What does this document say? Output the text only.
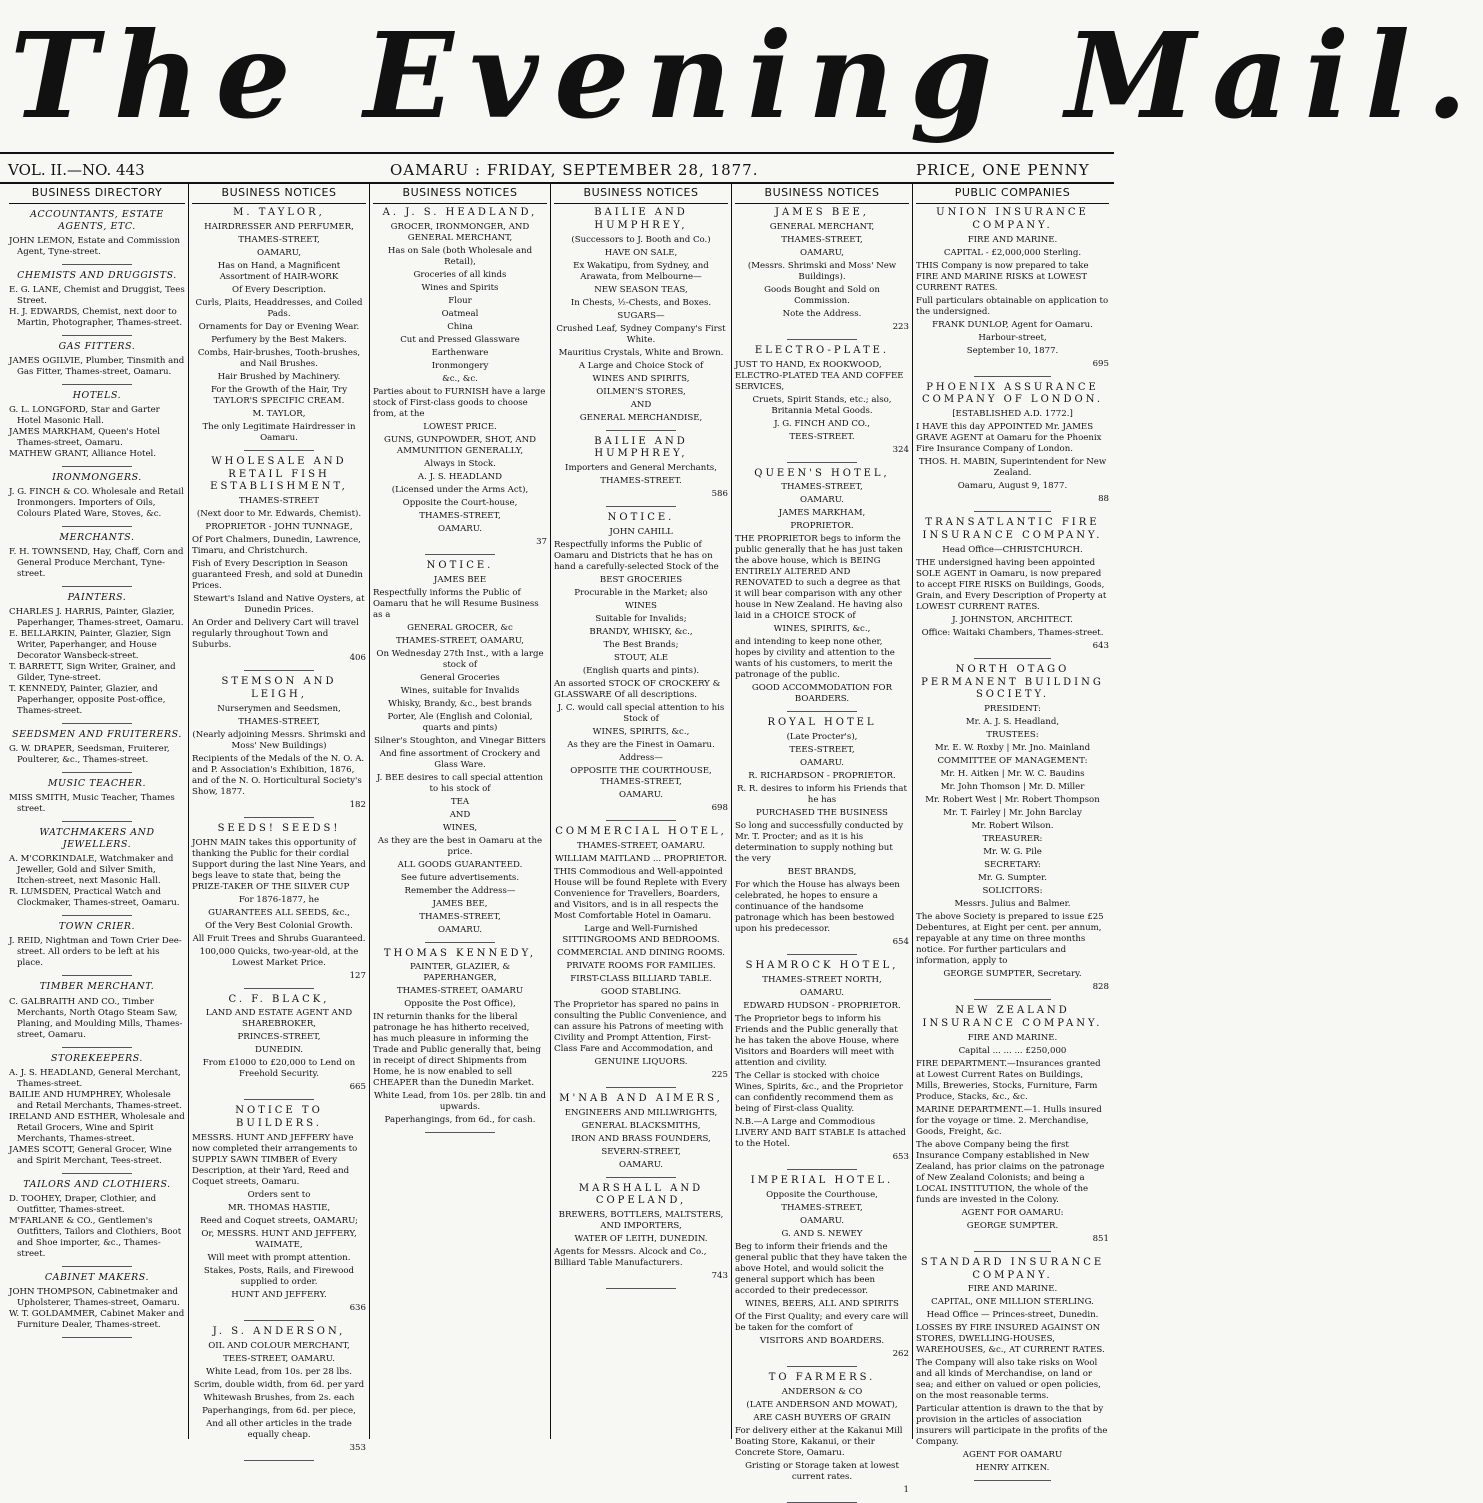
The Evening Mail.
VOL. II.—NO. 443	OAMARU : FRIDAY, SEPTEMBER 28, 1877.	PRICE, ONE PENNY
BUSINESS DIRECTORY
ACCOUNTANTS, ESTATE AGENTS, ETC.

JOHN LEMON, Estate and Commission Agent, Tyne-street.

CHEMISTS AND DRUGGISTS.

E. G. LANE, Chemist and Druggist, Tees Street.

H. J. EDWARDS, Chemist, next door to Martin, Photographer, Thames-street.

GAS FITTERS.

JAMES OGILVIE, Plumber, Tinsmith and Gas Fitter, Thames-street, Oamaru.

HOTELS.

G. L. LONGFORD, Star and Garter Hotel Masonic Hall.

JAMES MARKHAM, Queen's Hotel Thames-street, Oamaru.

MATHEW GRANT, Alliance Hotel.

IRONMONGERS.

J. G. FINCH & CO. Wholesale and Retail Ironmongers. Importers of Oils, Colours Plated Ware, Stoves, &c.

MERCHANTS.

F. H. TOWNSEND, Hay, Chaff, Corn and General Produce Merchant, Tyne-street.

PAINTERS.

CHARLES J. HARRIS, Painter, Glazier, Paperhanger, Thames-street, Oamaru.

E. BELLARKIN, Painter, Glazier, Sign Writer, Paperhanger, and House Decorator Wansbeck-street.

T. BARRETT, Sign Writer, Grainer, and Gilder, Tyne-street.

T. KENNEDY, Painter, Glazier, and Paperhanger, opposite Post-office, Thames-street.

SEEDSMEN AND FRUITERERS.

G. W. DRAPER, Seedsman, Fruiterer, Poulterer, &c., Thames-street.

MUSIC TEACHER.

MISS SMITH, Music Teacher, Thames street.

WATCHMAKERS AND JEWELLERS.

A. M'CORKINDALE, Watchmaker and Jeweller, Gold and Silver Smith, Itchen-street, next Masonic Hall.

R. LUMSDEN, Practical Watch and Clockmaker, Thames-street, Oamaru.

TOWN CRIER.

J. REID, Nightman and Town Crier Dee-street. All orders to be left at his place.

TIMBER MERCHANT.

C. GALBRAITH AND CO., Timber Merchants, North Otago Steam Saw, Planing, and Moulding Mills, Thames-street, Oamaru.

STOREKEEPERS.

A. J. S. HEADLAND, General Merchant, Thames-street.

BAILIE AND HUMPHREY, Wholesale and Retail Merchants, Thames-street.

IRELAND AND ESTHER, Wholesale and Retail Grocers, Wine and Spirit Merchants, Thames-street.

JAMES SCOTT, General Grocer, Wine and Spirit Merchant, Tees-street.

TAILORS AND CLOTHIERS.

D. TOOHEY, Draper, Clothier, and Outfitter, Thames-street.

M'FARLANE & CO., Gentlemen's Outfitters, Tailors and Clothiers, Boot and Shoe importer, &c., Thames-street.

CABINET MAKERS.

JOHN THOMPSON, Cabinetmaker and Upholsterer, Thames-street, Oamaru.

W. T. GOLDAMMER, Cabinet Maker and Furniture Dealer, Thames-street.

BUSINESS NOTICES
M. TAYLOR,

HAIRDRESSER AND PERFUMER,

THAMES-STREET,

OAMARU,

Has on Hand, a Magnificent Assortment of HAIR-WORK

Of Every Description.

Curls, Plaits, Headdresses, and Coiled Pads.

Ornaments for Day or Evening Wear.

Perfumery by the Best Makers.

Combs, Hair-brushes, Tooth-brushes, and Nail Brushes.

Hair Brushed by Machinery.

For the Growth of the Hair, Try TAYLOR'S SPECIFIC CREAM.

M. TAYLOR,

The only Legitimate Hairdresser in Oamaru.

WHOLESALE AND RETAIL FISH ESTABLISHMENT,

THAMES-STREET

(Next door to Mr. Edwards, Chemist).

PROPRIETOR - JOHN TUNNAGE,

Of Port Chalmers, Dunedin, Lawrence, Timaru, and Christchurch.

Fish of Every Description in Season guaranteed Fresh, and sold at Dunedin Prices.

Stewart's Island and Native Oysters, at Dunedin Prices.

An Order and Delivery Cart will travel regularly throughout Town and Suburbs.

406
STEMSON AND LEIGH,

Nurserymen and Seedsmen,

THAMES-STREET,

(Nearly adjoining Messrs. Shrimski and Moss' New Buildings)

Recipients of the Medals of the N. O. A. and P. Association's Exhibition, 1876, and of the N. O. Horticultural Society's Show, 1877.

182
SEEDS! SEEDS!

JOHN MAIN takes this opportunity of thanking the Public for their cordial Support during the last Nine Years, and begs leave to state that, being the PRIZE-TAKER OF THE SILVER CUP

For 1876-1877, he

GUARANTEES ALL SEEDS, &c.,

Of the Very Best Colonial Growth.

All Fruit Trees and Shrubs Guaranteed.

100,000 Quicks, two-year-old, at the Lowest Market Price.

127
C. F. BLACK,

LAND AND ESTATE AGENT AND SHAREBROKER,

PRINCES-STREET,

DUNEDIN.

From £1000 to £20,000 to Lend on Freehold Security.

665
NOTICE TO BUILDERS.

MESSRS. HUNT AND JEFFERY have now completed their arrangements to SUPPLY SAWN TIMBER of Every Description, at their Yard, Reed and Coquet streets, Oamaru.

Orders sent to

MR. THOMAS HASTIE,

Reed and Coquet streets, OAMARU;

Or, MESSRS. HUNT AND JEFFERY, WAIMATE,

Will meet with prompt attention.

Stakes, Posts, Rails, and Firewood supplied to order.

HUNT AND JEFFERY.

636
J. S. ANDERSON,

OIL AND COLOUR MERCHANT,

TEES-STREET, OAMARU.

White Lead, from 10s. per 28 lbs.

Scrim, double width, from 6d. per yard

Whitewash Brushes, from 2s. each

Paperhangings, from 6d. per piece,

And all other articles in the trade equally cheap.

353
BUSINESS NOTICES
A. J. S. HEADLAND,

GROCER, IRONMONGER, AND GENERAL MERCHANT,

Has on Sale (both Wholesale and Retail),

Groceries of all kinds

Wines and Spirits

Flour

Oatmeal

China

Cut and Pressed Glassware

Earthenware

Ironmongery

&c., &c.

Parties about to FURNISH have a large stock of First-class goods to choose from, at the

LOWEST PRICE.

GUNS, GUNPOWDER, SHOT, AND AMMUNITION GENERALLY,

Always in Stock.

A. J. S. HEADLAND

(Licensed under the Arms Act),

Opposite the Court-house,

THAMES-STREET,

OAMARU.

37
NOTICE.

JAMES BEE

Respectfully informs the Public of Oamaru that he will Resume Business as a

GENERAL GROCER, &c

THAMES-STREET, OAMARU,

On Wednesday 27th Inst., with a large stock of

General Groceries

Wines, suitable for Invalids

Whisky, Brandy, &c., best brands

Porter, Ale (English and Colonial, quarts and pints)

Silner's Stoughton, and Vinegar Bitters

And fine assortment of Crockery and Glass Ware.

J. BEE desires to call special attention to his stock of

TEA

AND

WINES,

As they are the best in Oamaru at the price.

ALL GOODS GUARANTEED.

See future advertisements.

Remember the Address—

JAMES BEE,

THAMES-STREET,

OAMARU.

THOMAS KENNEDY,

PAINTER, GLAZIER, & PAPERHANGER,

THAMES-STREET, OAMARU

Opposite the Post Office),

IN returnin thanks for the liberal patronage he has hitherto received, has much pleasure in informing the Trade and Public generally that, being in receipt of direct Shipments from Home, he is now enabled to sell CHEAPER than the Dunedin Market.

White Lead, from 10s. per 28lb. tin and upwards.

Paperhangings, from 6d., for cash.

BUSINESS NOTICES
BAILIE AND HUMPHREY,

(Successors to J. Booth and Co.)

HAVE ON SALE,

Ex Wakatipu, from Sydney, and Arawata, from Melbourne—

NEW SEASON TEAS,

In Chests, ½-Chests, and Boxes.

SUGARS—

Crushed Leaf, Sydney Company's First White.

Mauritius Crystals, White and Brown.

A Large and Choice Stock of

WINES AND SPIRITS,

OILMEN'S STORES,

AND

GENERAL MERCHANDISE,

BAILIE AND HUMPHREY,

Importers and General Merchants,

THAMES-STREET.

586
NOTICE.

JOHN CAHILL

Respectfully informs the Public of Oamaru and Districts that he has on hand a carefully-selected Stock of the

BEST GROCERIES

Procurable in the Market; also

WINES

Suitable for Invalids;

BRANDY, WHISKY, &c.,

The Best Brands;

STOUT, ALE

(English quarts and pints).

An assorted STOCK OF CROCKERY & GLASSWARE Of all descriptions.

J. C. would call special attention to his Stock of

WINES, SPIRITS, &c.,

As they are the Finest in Oamaru.

Address—

OPPOSITE THE COURTHOUSE, THAMES-STREET,

OAMARU.

698
COMMERCIAL HOTEL,

THAMES-STREET, OAMARU.

WILLIAM MAITLAND ... PROPRIETOR.

THIS Commodious and Well-appointed House will be found Replete with Every Convenience for Travellers, Boarders, and Visitors, and is in all respects the Most Comfortable Hotel in Oamaru.

Large and Well-Furnished SITTINGROOMS AND BEDROOMS.

COMMERCIAL AND DINING ROOMS.

PRIVATE ROOMS FOR FAMILIES.

FIRST-CLASS BILLIARD TABLE.

GOOD STABLING.

The Proprietor has spared no pains in consulting the Public Convenience, and can assure his Patrons of meeting with Civility and Prompt Attention, First-Class Fare and Accommodation, and

GENUINE LIQUORS.

225
M'NAB AND AIMERS,

ENGINEERS AND MILLWRIGHTS,

GENERAL BLACKSMITHS,

IRON AND BRASS FOUNDERS,

SEVERN-STREET,

OAMARU.

MARSHALL AND COPELAND,

BREWERS, BOTTLERS, MALTSTERS, AND IMPORTERS,

WATER OF LEITH, DUNEDIN.

Agents for Messrs. Alcock and Co., Billiard Table Manufacturers.

743
BUSINESS NOTICES
JAMES BEE,

GENERAL MERCHANT,

THAMES-STREET,

OAMARU,

(Messrs. Shrimski and Moss' New Buildings).

Goods Bought and Sold on Commission.

Note the Address.

223
ELECTRO-PLATE.

JUST TO HAND, Ex ROOKWOOD, ELECTRO-PLATED TEA AND COFFEE SERVICES,

Cruets, Spirit Stands, etc.; also, Britannia Metal Goods.

J. G. FINCH AND CO.,

TEES-STREET.

324
QUEEN'S HOTEL,

THAMES-STREET,

OAMARU.

JAMES MARKHAM,

PROPRIETOR.

THE PROPRIETOR begs to inform the public generally that he has just taken the above house, which is BEING ENTIRELY ALTERED AND RENOVATED to such a degree as that it will bear comparison with any other house in New Zealand. He having also laid in a CHOICE STOCK of

WINES, SPIRITS, &c.,

and intending to keep none other, hopes by civility and attention to the wants of his customers, to merit the patronage of the public.

GOOD ACCOMMODATION FOR BOARDERS.

ROYAL HOTEL

(Late Procter's),

TEES-STREET,

OAMARU.

R. RICHARDSON - PROPRIETOR.

R. R. desires to inform his Friends that he has

PURCHASED THE BUSINESS

So long and successfully conducted by Mr. T. Procter; and as it is his determination to supply nothing but the very

BEST BRANDS,

For which the House has always been celebrated, he hopes to ensure a continuance of the handsome patronage which has been bestowed upon his predecessor.

654
SHAMROCK HOTEL,

THAMES-STREET NORTH,

OAMARU.

EDWARD HUDSON - PROPRIETOR.

The Proprietor begs to inform his Friends and the Public generally that he has taken the above House, where Visitors and Boarders will meet with attention and civility.

The Cellar is stocked with choice Wines, Spirits, &c., and the Proprietor can confidently recommend them as being of First-class Quality.

N.B.—A Large and Commodious LIVERY AND BAIT STABLE Is attached to the Hotel.

653
IMPERIAL HOTEL.

Opposite the Courthouse,

THAMES-STREET,

OAMARU.

G. AND S. NEWEY

Beg to inform their friends and the general public that they have taken the above Hotel, and would solicit the general support which has been accorded to their predecessor.

WINES, BEERS, ALL AND SPIRITS

Of the First Quality; and every care will be taken for the comfort of

VISITORS AND BOARDERS.

262
TO FARMERS.

ANDERSON & CO

(LATE ANDERSON AND MOWAT),

ARE CASH BUYERS OF GRAIN

For delivery either at the Kakanui Mill Boating Store, Kakanui, or their Concrete Store, Oamaru.

Gristing or Storage taken at lowest current rates.

1
PUBLIC COMPANIES
UNION INSURANCE COMPANY.

FIRE AND MARINE.

CAPITAL - £2,000,000 Sterling.

THIS Company is now prepared to take FIRE AND MARINE RISKS at LOWEST CURRENT RATES.

Full particulars obtainable on application to the undersigned.

FRANK DUNLOP, Agent for Oamaru.

Harbour-street,

September 10, 1877.

695
PHOENIX ASSURANCE COMPANY OF LONDON.

[ESTABLISHED A.D. 1772.]

I HAVE this day APPOINTED Mr. JAMES GRAVE AGENT at Oamaru for the Phoenix Fire Insurance Company of London.

THOS. H. MABIN, Superintendent for New Zealand.

Oamaru, August 9, 1877.

88
TRANSATLANTIC FIRE INSURANCE COMPANY.

Head Office—CHRISTCHURCH.

THE undersigned having been appointed SOLE AGENT in Oamaru, is now prepared to accept FIRE RISKS on Buildings, Goods, Grain, and Every Description of Property at LOWEST CURRENT RATES.

J. JOHNSTON, ARCHITECT.

Office: Waitaki Chambers, Thames-street.

643
NORTH OTAGO PERMANENT BUILDING SOCIETY.

PRESIDENT:

Mr. A. J. S. Headland,

TRUSTEES:

Mr. E. W. Roxby | Mr. Jno. Mainland

COMMITTEE OF MANAGEMENT:

Mr. H. Aitken | Mr. W. C. Baudins

Mr. John Thomson | Mr. D. Miller

Mr. Robert West | Mr. Robert Thompson

Mr. T. Fairley | Mr. John Barclay

Mr. Robert Wilson.

TREASURER:

Mr. W. G. Pile

SECRETARY:

Mr. G. Sumpter.

SOLICITORS:

Messrs. Julius and Balmer.

The above Society is prepared to issue £25 Debentures, at Eight per cent. per annum, repayable at any time on three months notice. For further particulars and information, apply to

GEORGE SUMPTER, Secretary.

828
NEW ZEALAND INSURANCE COMPANY.

FIRE AND MARINE.

Capital ... ... ... £250,000

FIRE DEPARTMENT.—Insurances granted at Lowest Current Rates on Buildings, Mills, Breweries, Stocks, Furniture, Farm Produce, Stacks, &c., &c.

MARINE DEPARTMENT.—1. Hulls insured for the voyage or time. 2. Merchandise, Goods, Freight, &c.

The above Company being the first Insurance Company established in New Zealand, has prior claims on the patronage of New Zealand Colonists; and being a LOCAL INSTITUTION, the whole of the funds are invested in the Colony.

AGENT FOR OAMARU:

GEORGE SUMPTER.

851
STANDARD INSURANCE COMPANY.

FIRE AND MARINE.

CAPITAL, ONE MILLION STERLING.

Head Office — Princes-street, Dunedin.

LOSSES BY FIRE INSURED AGAINST ON STORES, DWELLING-HOUSES, WAREHOUSES, &c., AT CURRENT RATES.

The Company will also take risks on Wool and all kinds of Merchandise, on land or sea; and either on valued or open policies, on the most reasonable terms.

Particular attention is drawn to the that by provision in the articles of association insurers will participate in the profits of the Company.

AGENT FOR OAMARU

HENRY AITKEN.
